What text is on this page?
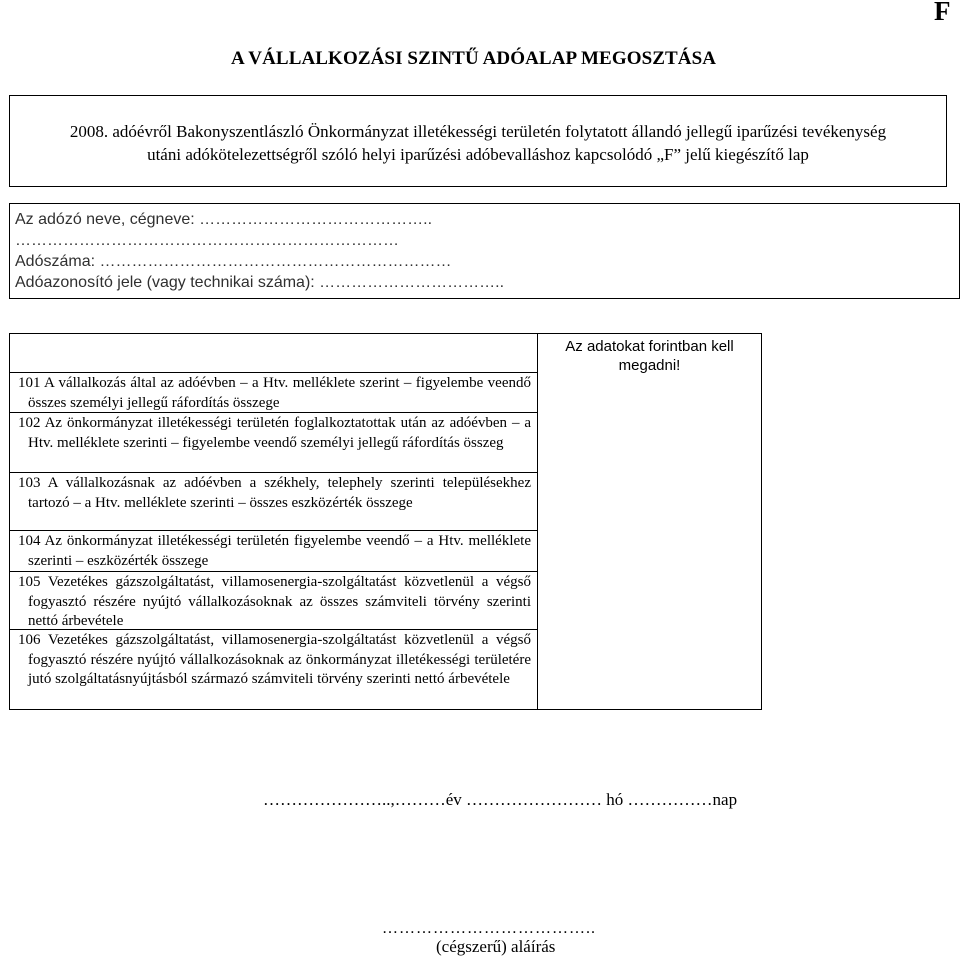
F
A VÁLLALKOZÁSI SZINTŰ ADÓALAP MEGOSZTÁSA

2008. adóévről Bakonyszentlászló Önkormányzat illetékességi területén folytatott állandó jellegű iparűzési tevékenység

utáni adókötelezettségről szóló helyi iparűzési adóbevalláshoz kapcsolódó „F” jelű kiegészítő lap

Az adózó neve, cégneve: ……………………………………..
………………………………………………………………
Adószáma: …………………………………………………………
Adóazonosító jele (vagy technikai száma): ……………………………..
101 A vállalkozás által az adóévben – a Htv. melléklete szerint – figyelembe veendő összes személyi jellegű ráfordítás összege
102 Az önkormányzat illetékességi területén foglalkoztatottak után az adóévben – a Htv. melléklete szerinti – figyelembe veendő személyi jellegű ráfordítás összeg
103 A vállalkozásnak az adóévben a székhely, telephely szerinti településekhez tartozó – a Htv. melléklete szerinti – összes eszközérték összege
104 Az önkormányzat illetékességi területén figyelembe veendő – a Htv. melléklete szerinti – eszközérték összege
105 Vezetékes gázszolgáltatást, villamosenergia-szolgáltatást közvetlenül a végső fogyasztó részére nyújtó vállalkozásoknak az összes számviteli törvény szerinti nettó árbevétele
106 Vezetékes gázszolgáltatást, villamosenergia-szolgáltatást közvetlenül a végső fogyasztó részére nyújtó vállalkozásoknak az önkormányzat illetékességi területére jutó szolgáltatásnyújtásból származó számviteli törvény szerinti nettó árbevétele
Az adatokat forintban kell megadni!
…………………..,………év …………………… hó ……………nap
………………………………..
(cégszerű) aláírás
